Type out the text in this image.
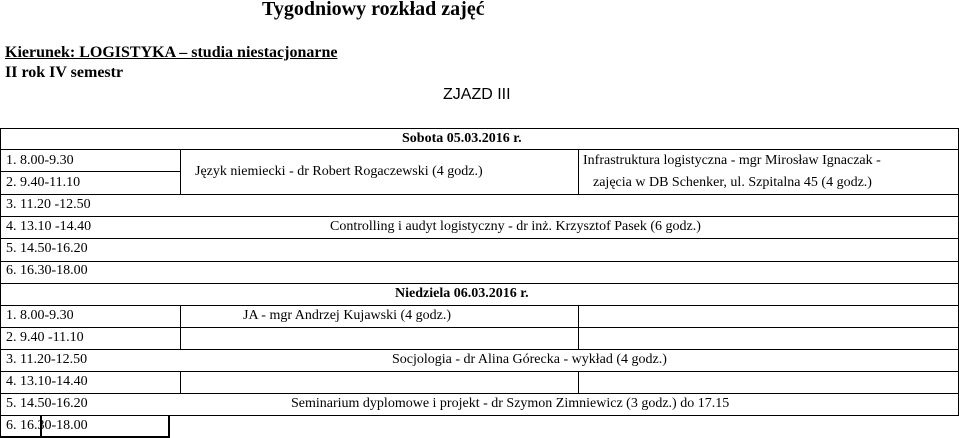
Tygodniowy rozkład zajęć
Kierunek: LOGISTYKA – studia niestacjonarne
II rok IV semestr
ZJAZD III
Sobota 05.03.2016 r.
1. 8.00-9.30
2. 9.40-11.10
3. 11.20 -12.50
4. 13.10 -14.40
5. 14.50-16.20
6. 16.30-18.00
Język niemiecki - dr Robert Rogaczewski (4 godz.)
Infrastruktura logistyczna - mgr Mirosław Ignaczak -
zajęcia w DB Schenker, ul. Szpitalna 45 (4 godz.)
Controlling i audyt logistyczny - dr inż. Krzysztof Pasek (6 godz.)
Niedziela 06.03.2016 r.
1. 8.00-9.30
2. 9.40 -11.10
3. 11.20-12.50
4. 13.10-14.40
5. 14.50-16.20
6. 16.30-18.00
JA - mgr Andrzej Kujawski (4 godz.)
Socjologia - dr Alina Górecka - wykład (4 godz.)
Seminarium dyplomowe i projekt - dr Szymon Zimniewicz (3 godz.) do 17.15
